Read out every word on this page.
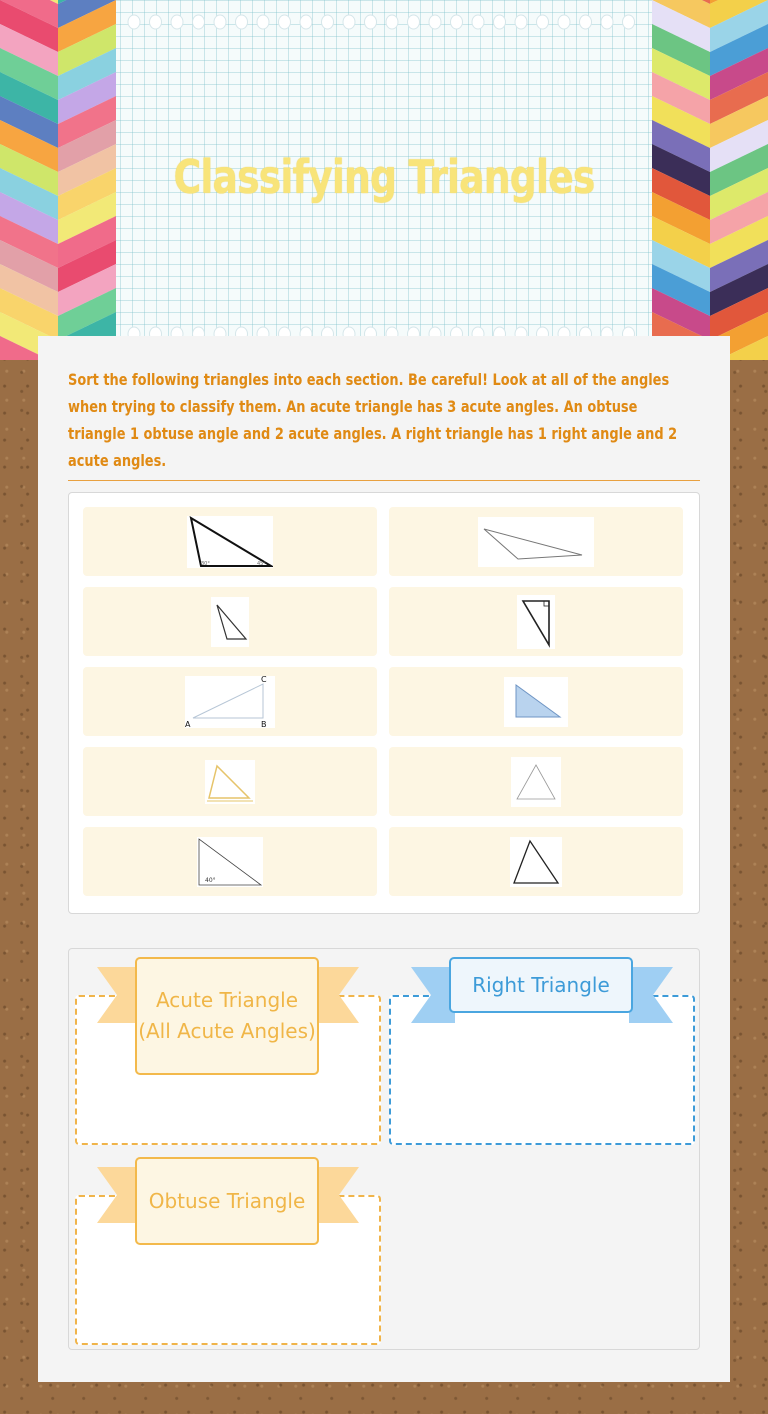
Classifying Triangles

Sort the following triangles into each section. Be careful! Look at all of the angles when trying to classify them. An acute triangle has 3 acute angles. An obtuse triangle 1 obtuse angle and 2 acute angles. A right triangle has 1 right angle and 2 acute angles.

30°	45°
C
A	B
40°
Acute Triangle (All Acute Angles)
Right Triangle
Obtuse Triangle
